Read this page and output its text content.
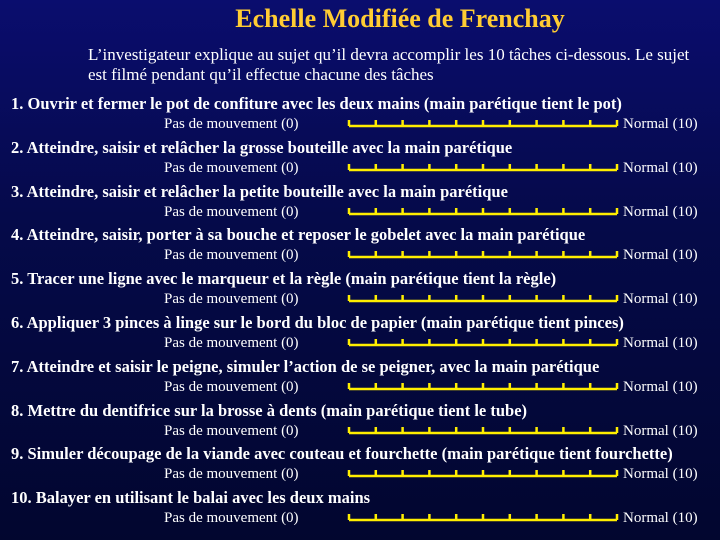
Echelle Modifiée de Frenchay
L’investigateur explique au sujet qu’il devra accomplir les 10 tâches ci-dessous. Le sujet
est filmé pendant qu’il effectue chacune des tâches
1. Ouvrir et fermer le pot de confiture avec les deux mains (main parétique tient le pot)
Pas de mouvement (0)	Normal (10)
2. Atteindre, saisir et relâcher la grosse bouteille avec la main parétique
Pas de mouvement (0)	Normal (10)
3. Atteindre, saisir et relâcher la petite bouteille avec la main parétique
Pas de mouvement (0)	Normal (10)
4. Atteindre, saisir, porter à sa bouche et reposer le gobelet avec la main parétique
Pas de mouvement (0)	Normal (10)
5. Tracer une ligne avec le marqueur et la règle (main parétique tient la règle)
Pas de mouvement (0)	Normal (10)
6. Appliquer 3 pinces à linge sur le bord du bloc de papier (main parétique tient pinces)
Pas de mouvement (0)	Normal (10)
7. Atteindre et saisir le peigne, simuler l’action de se peigner, avec la main parétique
Pas de mouvement (0)	Normal (10)
8. Mettre du dentifrice sur la brosse à dents (main parétique tient le tube)
Pas de mouvement (0)	Normal (10)
9. Simuler découpage de la viande avec couteau et fourchette (main parétique tient fourchette)
Pas de mouvement (0)	Normal (10)
10. Balayer en utilisant le balai avec les deux mains
Pas de mouvement (0)	Normal (10)
